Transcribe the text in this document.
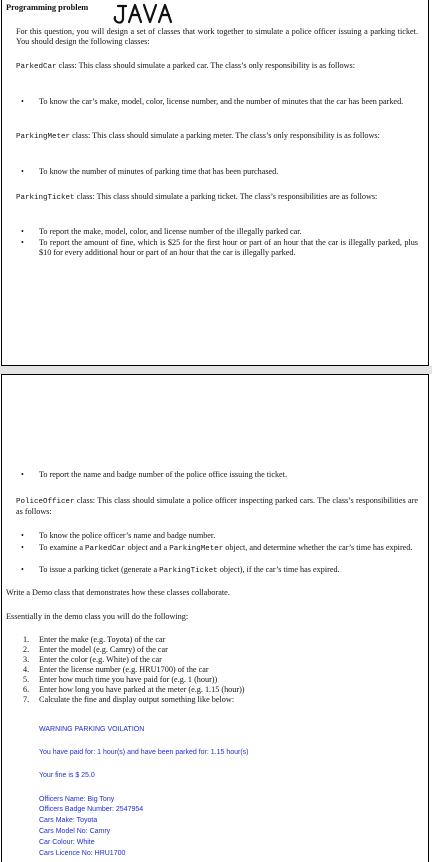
Programming problem
For this question, you will design a set of classes that work together to simulate a police officer issuing a parking ticket. You should design the following classes:
ParkedCar class: This class should simulate a parked car. The class’s only responsibility is as follows:
• To know the car’s make, model, color, license number, and the number of minutes that the car has been parked.
ParkingMeter class: This class should simulate a parking meter. The class’s only responsibility is as follows:
• To know the number of minutes of parking time that has been purchased.
ParkingTicket class: This class should simulate a parking ticket. The class’s responsibilities are as follows:
• To report the make, model, color, and license number of the illegally parked car.
• To report the amount of fine, which is $25 for the first hour or part of an hour that the car is illegally parked, plus $10 for every additional hour or part of an hour that the car is illegally parked.
• To report the name and badge number of the police office issuing the ticket.
PoliceOfficer class: This class should simulate a police officer inspecting parked cars. The class’s responsibilities are as follows:
• To know the police officer’s name and badge number.
• To examine a ParkedCar object and a ParkingMeter object, and determine whether the car’s time has expired.
• To issue a parking ticket (generate a ParkingTicket object), if the car’s time has expired.
Write a Demo class that demonstrates how these classes collaborate.
Essentially in the demo class you will do the following:
1. Enter the make (e.g. Toyota) of the car
2. Enter the model (e.g. Camry) of the car
3. Enter the color (e.g. White) of the car
4. Enter the license number (e.g. HRU1700) of the car
5. Enter how much time you have paid for (e.g. 1 (hour))
6. Enter how long you have parked at the meter (e.g. 1.15 (hour))
7. Calculate the fine and display output something like below:
WARNING PARKING VOILATION
You have paid for: 1 hour(s) and have been parked for: 1.15 hour(s)
Your fine is $ 25.0
Officers Name: Big Tony
Officers Badge Number: 2547954
Cars Make: Toyota
Cars Model No: Camry
Car Colour: White
Cars Licence No: HRU1700
